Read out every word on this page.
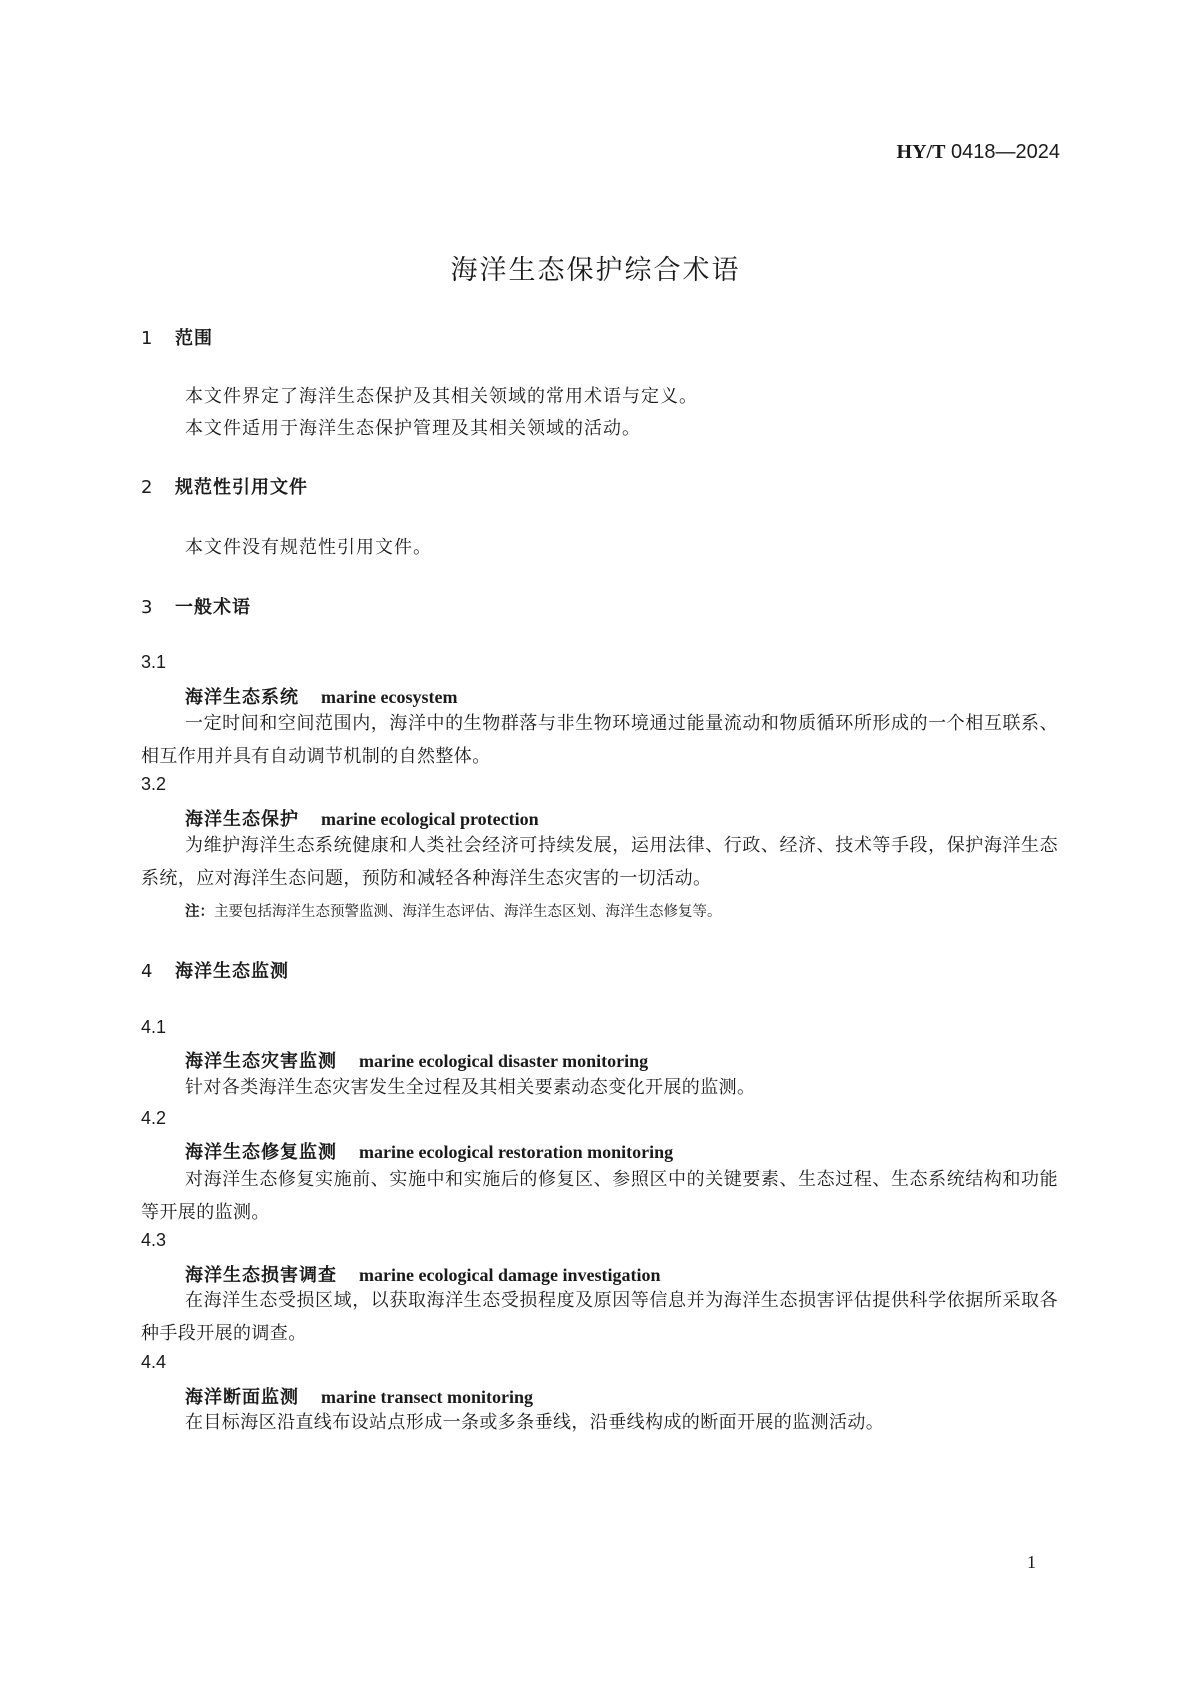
HY/T 0418—2024
海洋生态保护综合术语
1 范围
本文件界定了海洋生态保护及其相关领域的常用术语与定义。
本文件适用于海洋生态保护管理及其相关领域的活动。
2 规范性引用文件
本文件没有规范性引用文件。
3 一般术语
3.1
海洋生态系统 marine ecosystem
一定时间和空间范围内，海洋中的生物群落与非生物环境通过能量流动和物质循环所形成的一个相互联系、相互作用并具有自动调节机制的自然整体。
3.2
海洋生态保护 marine ecological protection
为维护海洋生态系统健康和人类社会经济可持续发展，运用法律、行政、经济、技术等手段，保护海洋生态系统，应对海洋生态问题，预防和减轻各种海洋生态灾害的一切活动。
注：主要包括海洋生态预警监测、海洋生态评估、海洋生态区划、海洋生态修复等。
4 海洋生态监测
4.1
海洋生态灾害监测 marine ecological disaster monitoring
针对各类海洋生态灾害发生全过程及其相关要素动态变化开展的监测。
4.2
海洋生态修复监测 marine ecological restoration monitoring
对海洋生态修复实施前、实施中和实施后的修复区、参照区中的关键要素、生态过程、生态系统结构和功能等开展的监测。
4.3
海洋生态损害调查 marine ecological damage investigation
在海洋生态受损区域，以获取海洋生态受损程度及原因等信息并为海洋生态损害评估提供科学依据所采取各种手段开展的调查。
4.4
海洋断面监测 marine transect monitoring
在目标海区沿直线布设站点形成一条或多条垂线，沿垂线构成的断面开展的监测活动。
1
